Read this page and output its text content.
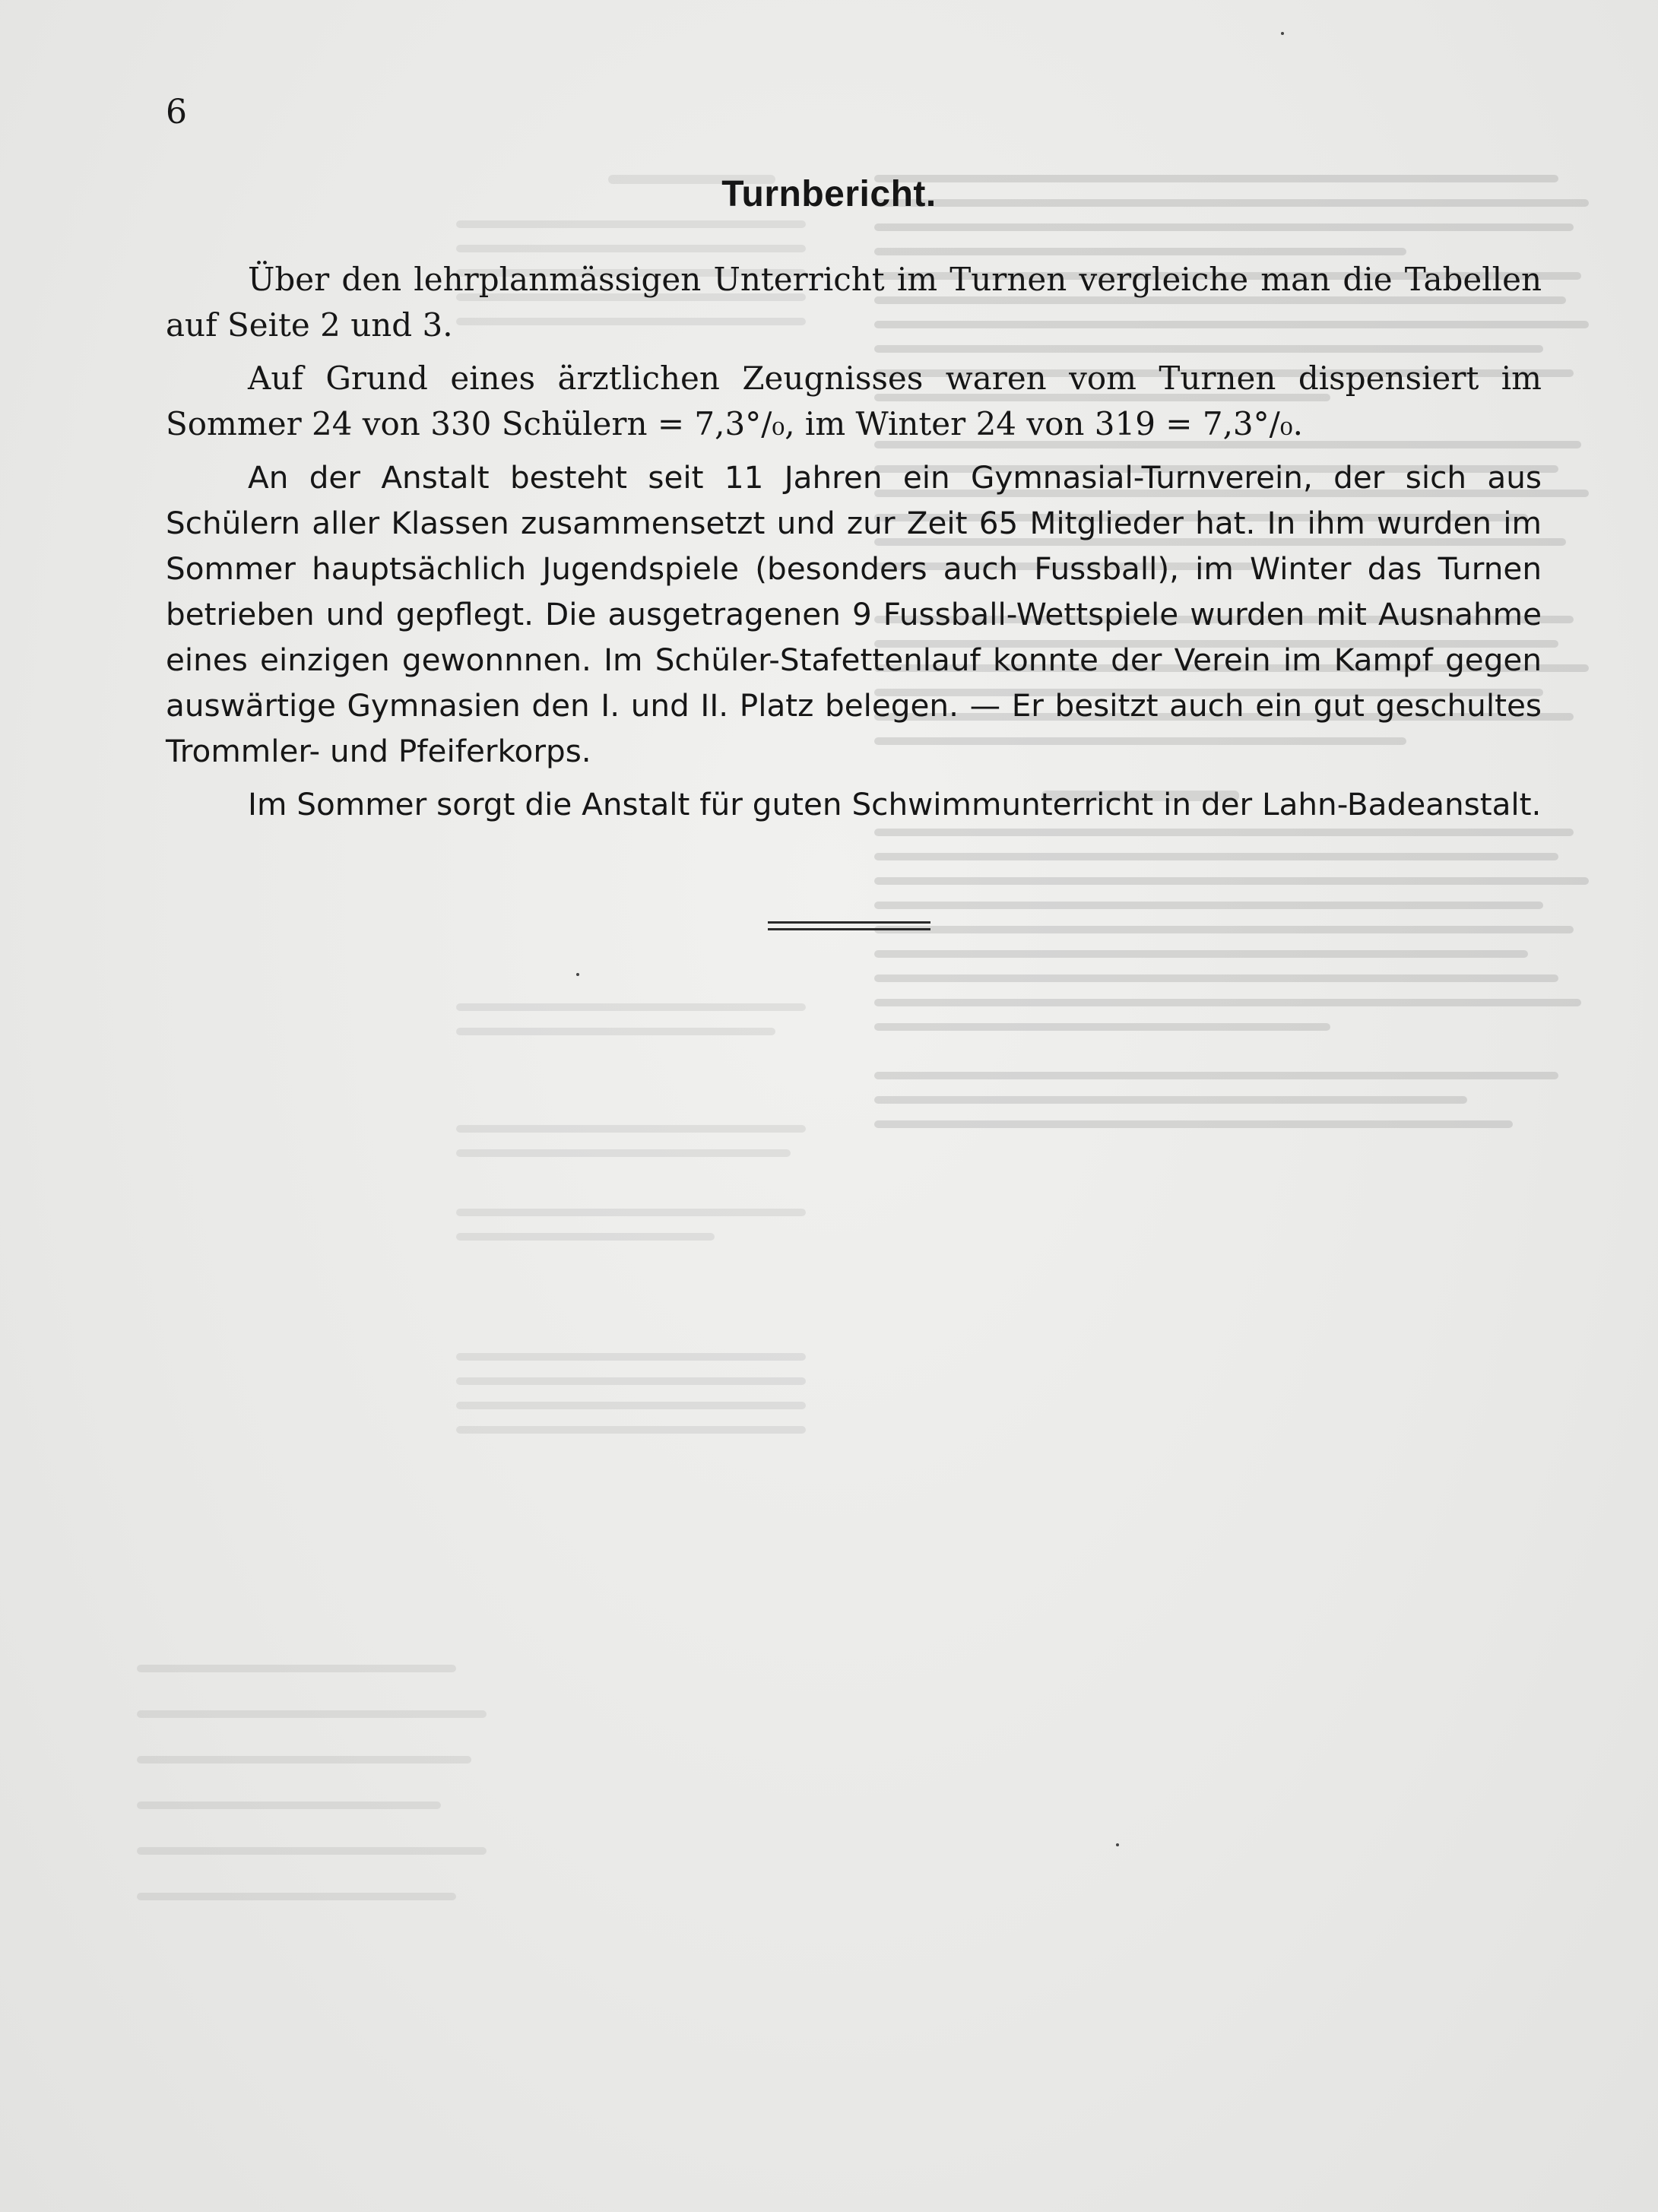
6
Turnbericht.

Über den lehrplanmässigen Unterricht im Turnen vergleiche man die Tabellen auf Seite 2 und 3.

Auf Grund eines ärztlichen Zeugnisses waren vom Turnen dispensiert im Sommer 24 von 330 Schülern = 7,3°/₀, im Winter 24 von 319 = 7,3°/₀.

An der Anstalt besteht seit 11 Jahren ein Gymnasial-Turnverein, der sich aus Schülern aller Klassen zusammensetzt und zur Zeit 65 Mitglieder hat. In ihm wurden im Sommer hauptsächlich Jugendspiele (besonders auch Fussball), im Winter das Turnen betrieben und gepflegt. Die ausgetragenen 9 Fussball-Wettspiele wurden mit Ausnahme eines einzigen gewonnnen. Im Schüler-Stafettenlauf konnte der Verein im Kampf gegen auswärtige Gymnasien den I. und II. Platz belegen. — Er besitzt auch ein gut geschultes Trommler- und Pfeiferkorps.

Im Sommer sorgt die Anstalt für guten Schwimmunterricht in der Lahn-Badeanstalt.
